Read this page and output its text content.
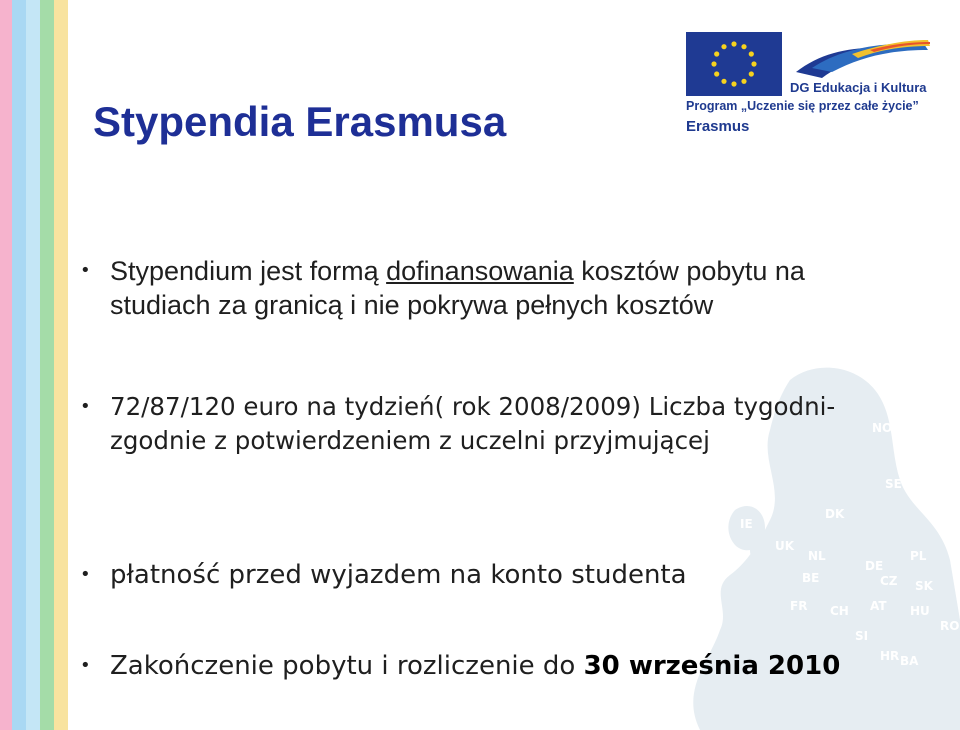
NO
SE
FI
EE
LV
LT
IE
UK
DK
NL
BE
DE
PL
FR CH AT
CZ SK
HU
BA
HR
SI
RO
Stypendia Erasmusa
DG Edukacja i Kultura
Program „Uczenie się przez całe życie”
Erasmus
• Stypendium jest formą dofinansowania kosztów pobytu na studiach za granicą i nie pokrywa pełnych kosztów
• 72/87/120 euro na tydzień( rok 2008/2009) Liczba tygodni- zgodnie z potwierdzeniem z uczelni przyjmującej
• płatność przed wyjazdem na konto studenta
• Zakończenie pobytu i rozliczenie do 30 września 2010
